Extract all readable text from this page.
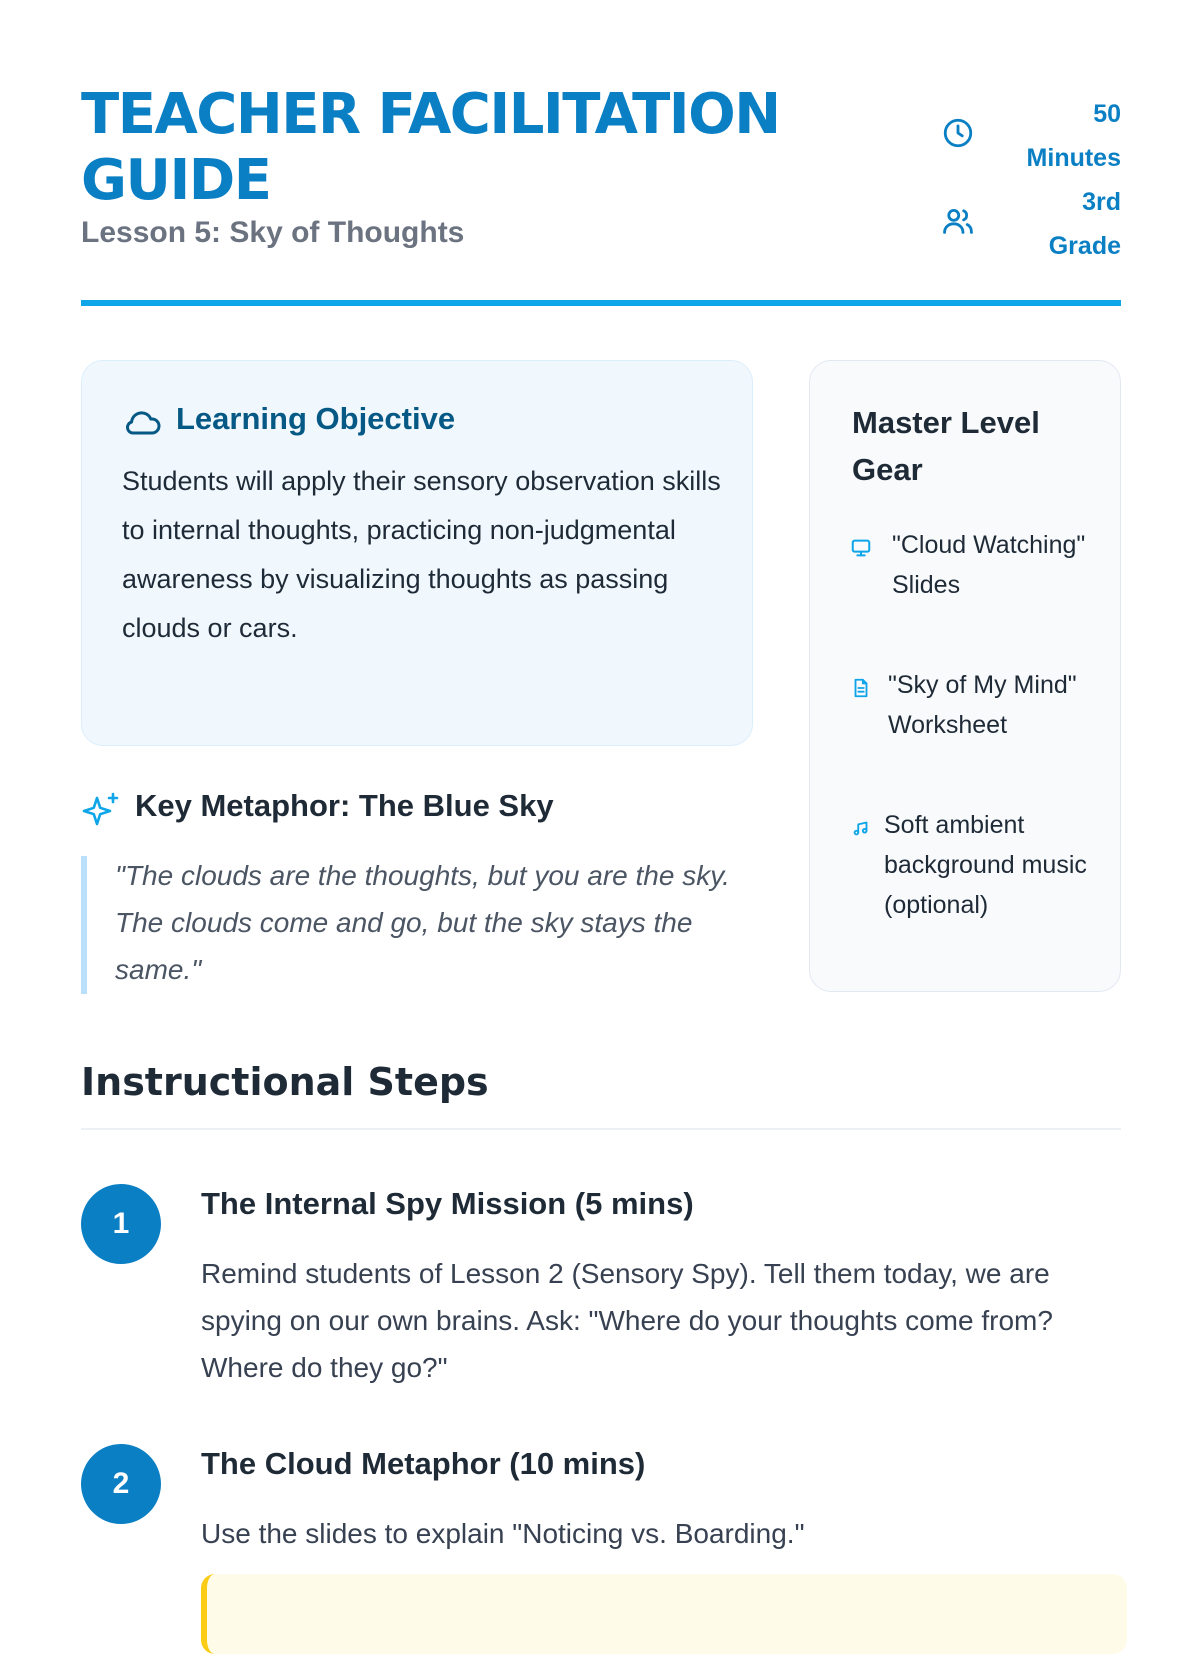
TEACHER FACILITATION GUIDE
Lesson 5: Sky of Thoughts
50 Minutes
3rd Grade
Learning Objective
Students will apply their sensory observation skills to internal thoughts, practicing non-judgmental awareness by visualizing thoughts as passing clouds or cars.
Master Level Gear
"Cloud Watching" Slides
"Sky of My Mind" Worksheet
Soft ambient background music (optional)
Key Metaphor: The Blue Sky
"The clouds are the thoughts, but you are the sky. The clouds come and go, but the sky stays the same."
Instructional Steps
1
The Internal Spy Mission (5 mins)
Remind students of Lesson 2 (Sensory Spy). Tell them today, we are spying on our own brains. Ask: "Where do your thoughts come from? Where do they go?"
2
The Cloud Metaphor (10 mins)
Use the slides to explain "Noticing vs. Boarding."
